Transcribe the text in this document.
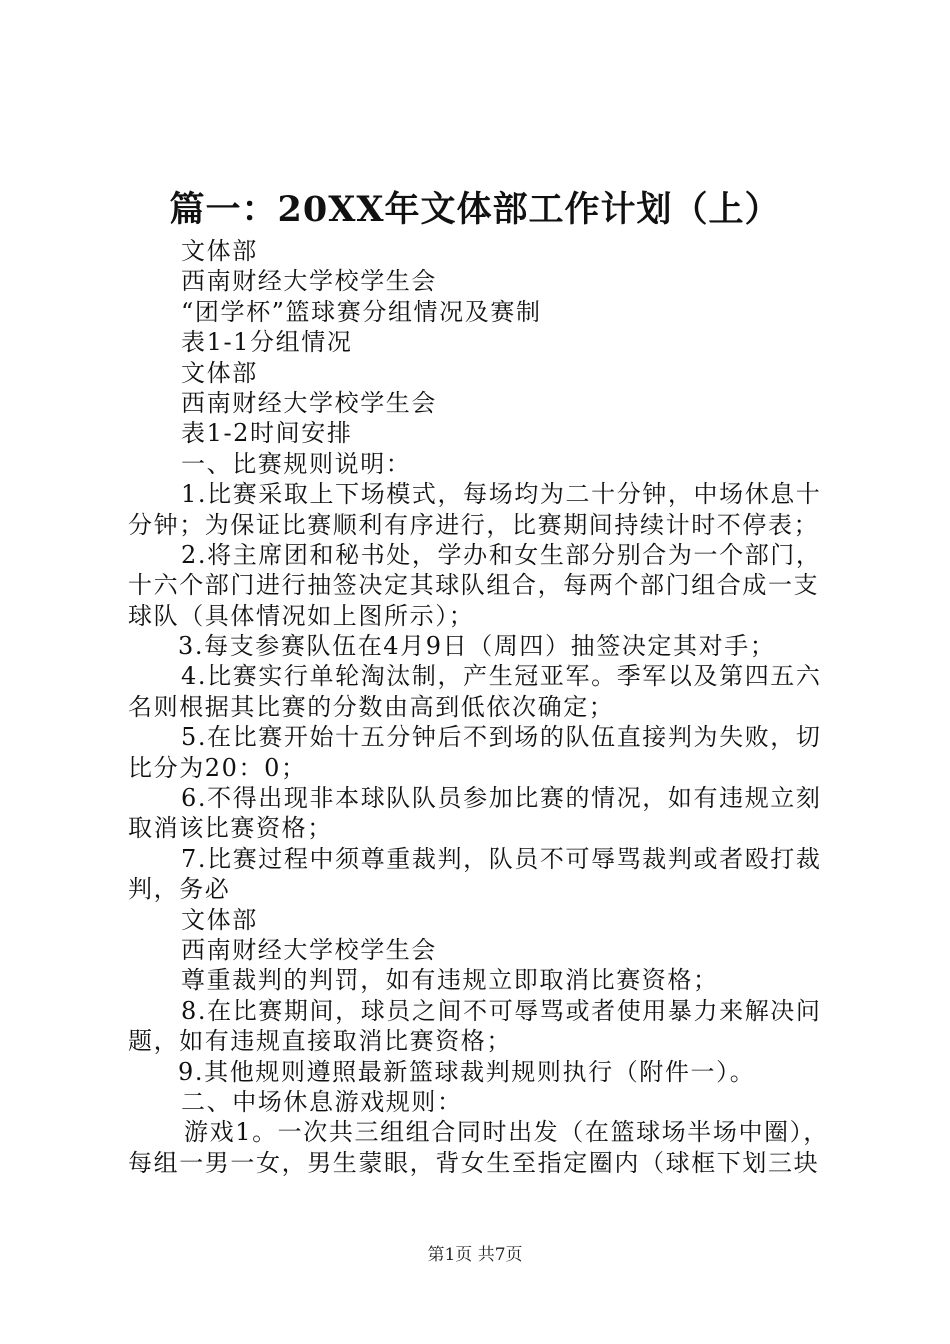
篇一：20XX年文体部工作计划（上）
文体部
西南财经大学校学生会
“团学杯”篮球赛分组情况及赛制
表1-1分组情况
文体部
西南财经大学校学生会
表1-2时间安排
一、比赛规则说明：
1.比赛采取上下场模式，每场均为二十分钟，中场休息十
分钟；为保证比赛顺利有序进行，比赛期间持续计时不停表；
2.将主席团和秘书处，学办和女生部分别合为一个部门，
十六个部门进行抽签决定其球队组合，每两个部门组合成一支
球队（具体情况如上图所示）；
3.每支参赛队伍在4月9日（周四）抽签决定其对手；
4.比赛实行单轮淘汰制，产生冠亚军。季军以及第四五六
名则根据其比赛的分数由高到低依次确定；
5.在比赛开始十五分钟后不到场的队伍直接判为失败，切
比分为20：0；
6.不得出现非本球队队员参加比赛的情况，如有违规立刻
取消该比赛资格；
7.比赛过程中须尊重裁判，队员不可辱骂裁判或者殴打裁
判，务必
文体部
西南财经大学校学生会
尊重裁判的判罚，如有违规立即取消比赛资格；
8.在比赛期间，球员之间不可辱骂或者使用暴力来解决问
题，如有违规直接取消比赛资格；
9.其他规则遵照最新篮球裁判规则执行（附件一）。
二、中场休息游戏规则：
游戏1。一次共三组组合同时出发（在篮球场半场中圈），
每组一男一女，男生蒙眼，背女生至指定圈内（球框下划三块
第1页 共7页
